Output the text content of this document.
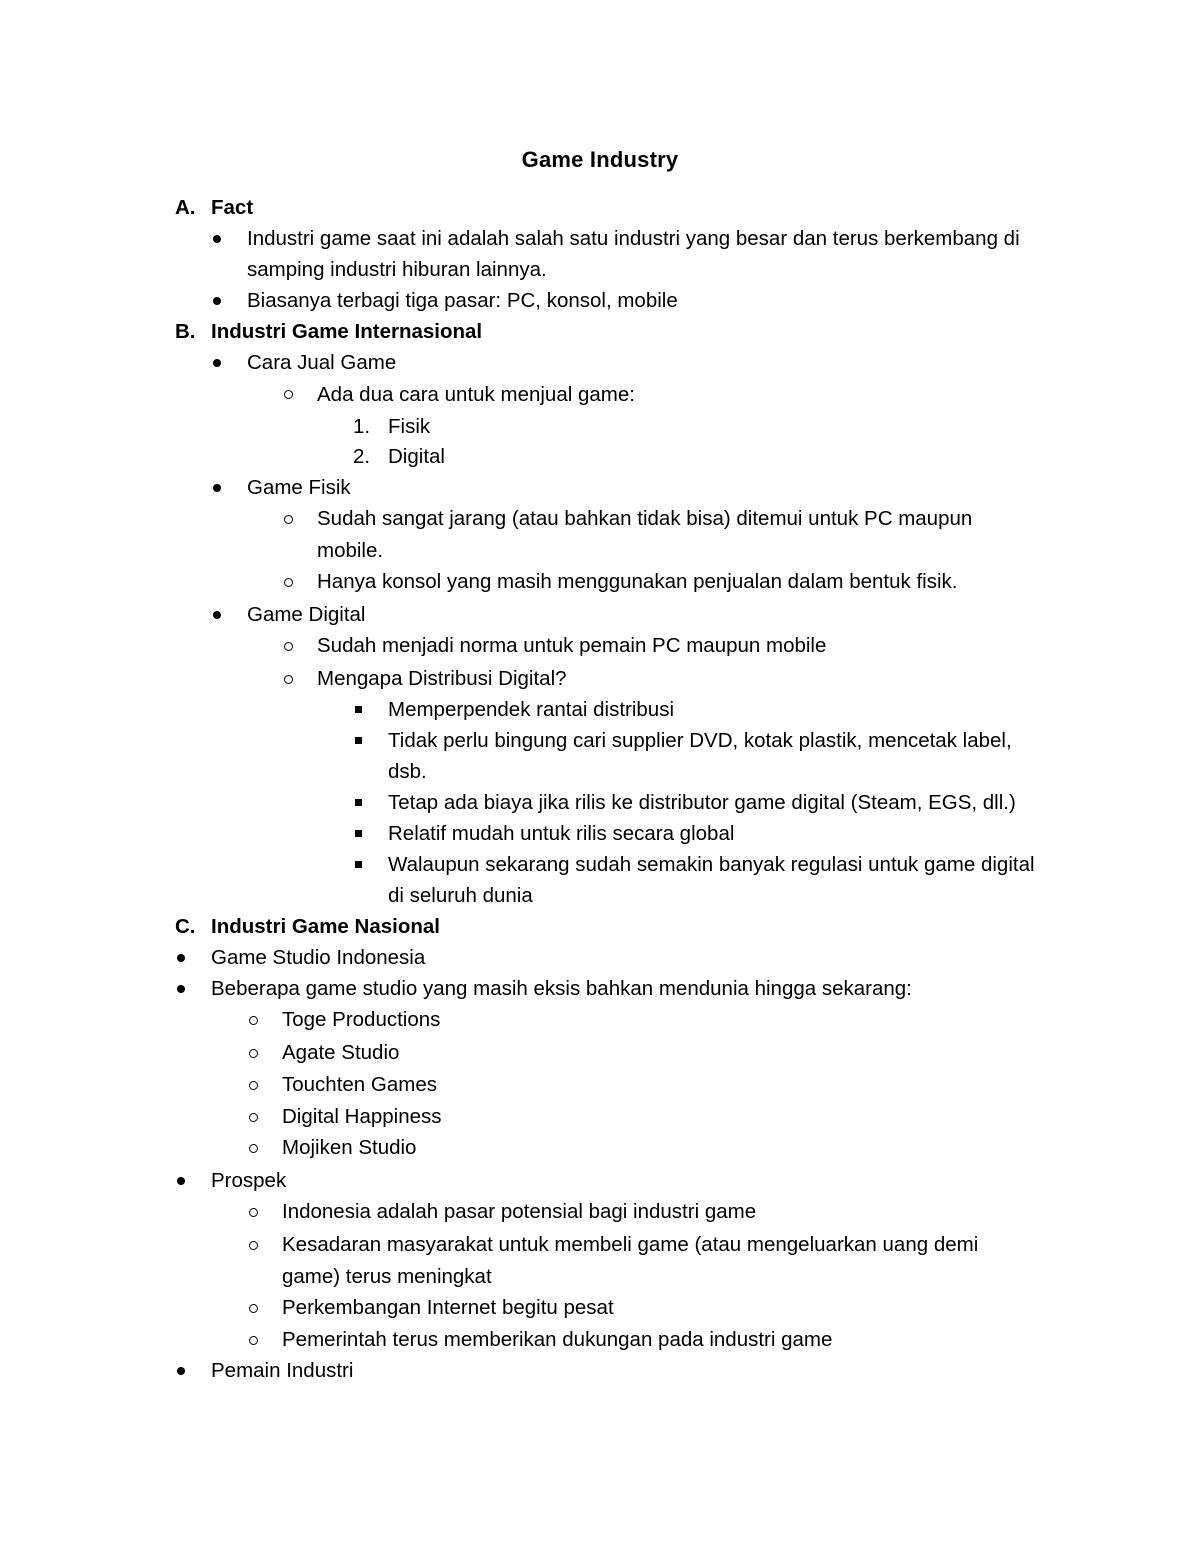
Game Industry
A. Fact
Industri game saat ini adalah salah satu industri yang besar dan terus berkembang di
samping industri hiburan lainnya.
Biasanya terbagi tiga pasar: PC, konsol, mobile
B. Industri Game Internasional
Cara Jual Game
Ada dua cara untuk menjual game:
1. Fisik
2. Digital
Game Fisik
Sudah sangat jarang (atau bahkan tidak bisa) ditemui untuk PC maupun
mobile.
Hanya konsol yang masih menggunakan penjualan dalam bentuk fisik.
Game Digital
Sudah menjadi norma untuk pemain PC maupun mobile
Mengapa Distribusi Digital?
Memperpendek rantai distribusi
Tidak perlu bingung cari supplier DVD, kotak plastik, mencetak label,
dsb.
Tetap ada biaya jika rilis ke distributor game digital (Steam, EGS, dll.)
Relatif mudah untuk rilis secara global
Walaupun sekarang sudah semakin banyak regulasi untuk game digital
di seluruh dunia
C. Industri Game Nasional
Game Studio Indonesia
Beberapa game studio yang masih eksis bahkan mendunia hingga sekarang:
Toge Productions
Agate Studio
Touchten Games
Digital Happiness
Mojiken Studio
Prospek
Indonesia adalah pasar potensial bagi industri game
Kesadaran masyarakat untuk membeli game (atau mengeluarkan uang demi
game) terus meningkat
Perkembangan Internet begitu pesat
Pemerintah terus memberikan dukungan pada industri game
Pemain Industri
